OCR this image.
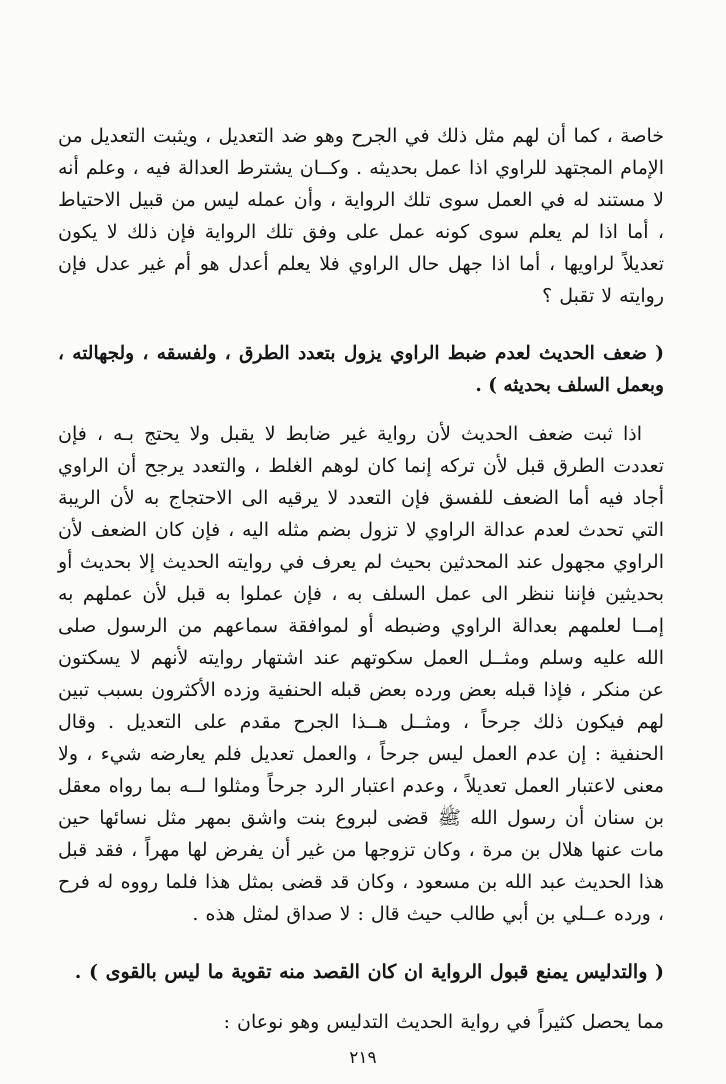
خاصة ، كما أن لهم مثل ذلك في الجرح وهو ضد التعديل ، ويثبت التعديل من الإمام المجتهد للراوي اذا عمل بحديثه . وكــان يشترط العدالة فيه ، وعلم أنه لا مستند له في العمل سوى تلك الرواية ، وأن عمله ليس من قبيل الاحتياط ، أما اذا لم يعلم سوى كونه عمل على وفق تلك الرواية فإن ذلك لا يكون تعديلاً لراويها ، أما اذا جهل حال الراوي فلا يعلم أعدل هو أم غير عدل فإن روايته لا تقبل ؟

( ضعف الحديث لعدم ضبط الراوي يزول بتعدد الطرق ، ولفسقه ، ولجهالته ، وبعمل السلف بحديثه ) .

اذا ثبت ضعف الحديث لأن رواية غير ضابط لا يقبل ولا يحتج بـه ، فإن تعددت الطرق قبل لأن تركه إنما كان لوهم الغلط ، والتعدد يرجح أن الراوي أجاد فيه أما الضعف للفسق فإن التعدد لا يرقيه الى الاحتجاج به لأن الريبة التي تحدث لعدم عدالة الراوي لا تزول بضم مثله اليه ، فإن كان الضعف لأن الراوي مجهول عند المحدثين بحيث لم يعرف في روايته الحديث إلا بحديث أو بحديثين فإننا ننظر الى عمل السلف به ، فإن عملوا به قبل لأن عملهم به إمــا لعلمهم بعدالة الراوي وضبطه أو لموافقة سماعهم من الرسول صلى الله عليه وسلم ومثــل العمل سكوتهم عند اشتهار روايته لأنهم لا يسكتون عن منكر ، فإذا قبله بعض ورده بعض قبله الحنفية وزده الأكثرون بسبب تبين لهم فيكون ذلك جرحاً ، ومثــل هــذا الجرح مقدم على التعديل . وقال الحنفية : إن عدم العمل ليس جرحاً ، والعمل تعديل فلم يعارضه شيء ، ولا معنى لاعتبار العمل تعديلاً ، وعدم اعتبار الرد جرحاً ومثلوا لــه بما رواه معقل بن سنان أن رسول الله ﷺ قضى لبروع بنت واشق بمهر مثل نسائها حين مات عنها هلال بن مرة ، وكان تزوجها من غير أن يفرض لها مهراً ، فقد قبل هذا الحديث عبد الله بن مسعود ، وكان قد قضى بمثل هذا فلما رووه له فرح ، ورده عــلي بن أبي طالب حيث قال : لا صداق لمثل هذه .

( والتدليس يمنع قبول الرواية ان كان القصد منه تقوية ما ليس بالقوى ) .

مما يحصل كثيراً في رواية الحديث التدليس وهو نوعان :

٢١٩
